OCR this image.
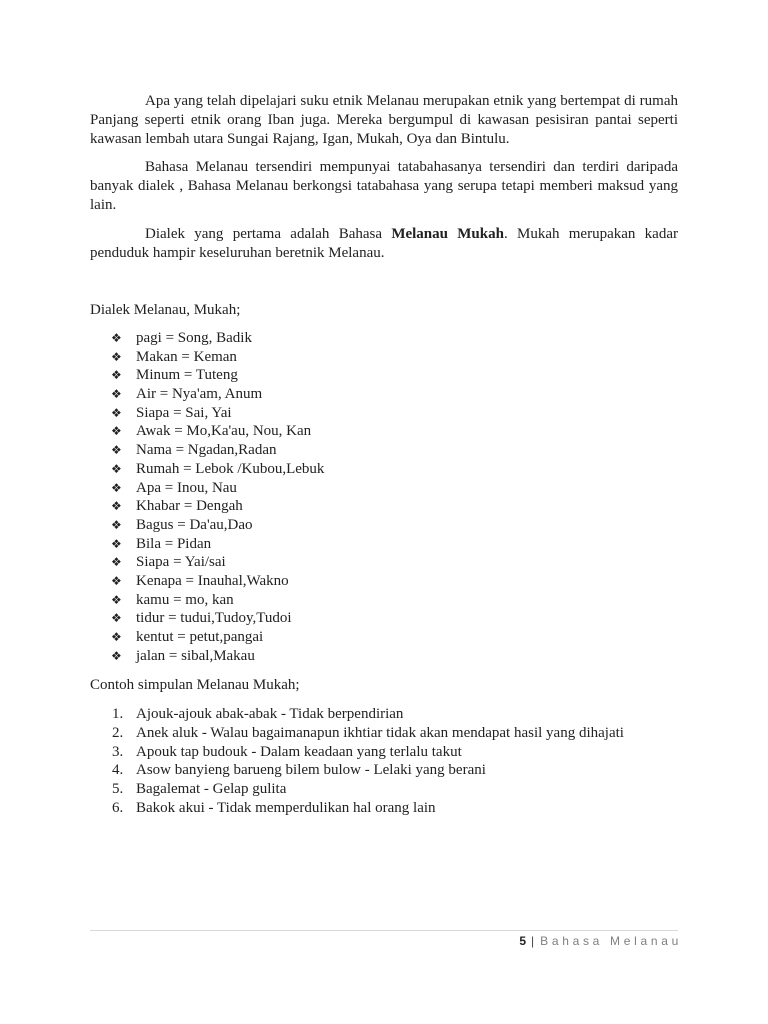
Apa yang telah dipelajari suku etnik Melanau merupakan etnik yang bertempat di rumah
Panjang seperti etnik orang Iban juga. Mereka bergumpul di kawasan pesisiran pantai seperti
kawasan lembah utara Sungai Rajang, Igan, Mukah, Oya dan Bintulu.
Bahasa Melanau tersendiri mempunyai tatabahasanya tersendiri dan terdiri daripada
banyak dialek , Bahasa Melanau berkongsi tatabahasa yang serupa tetapi memberi maksud yang
lain.
Dialek yang pertama adalah Bahasa Melanau Mukah. Mukah merupakan kadar
penduduk hampir keseluruhan beretnik Melanau.
Dialek Melanau, Mukah;
❖
pagi = Song, Badik
❖
Makan = Keman
❖
Minum = Tuteng
❖
Air = Nya'am, Anum
❖
Siapa = Sai, Yai
❖
Awak = Mo,Ka'au, Nou, Kan
❖
Nama = Ngadan,Radan
❖
Rumah = Lebok /Kubou,Lebuk
❖
Apa = Inou, Nau
❖
Khabar = Dengah
❖
Bagus = Da'au,Dao
❖
Bila = Pidan
❖
Siapa = Yai/sai
❖
Kenapa = Inauhal,Wakno
❖
kamu = mo, kan
❖
tidur = tudui,Tudoy,Tudoi
❖
kentut = petut,pangai
❖
jalan = sibal,Makau
Contoh simpulan Melanau Mukah;
1. Ajouk-ajouk abak-abak - Tidak berpendirian
2. Anek aluk - Walau bagaimanapun ikhtiar tidak akan mendapat hasil yang dihajati
3. Apouk tap budouk - Dalam keadaan yang terlalu takut
4. Asow banyieng barueng bilem bulow - Lelaki yang berani
5. Bagalemat - Gelap gulita
6. Bakok akui - Tidak memperdulikan hal orang lain
5 | Bahasa Melanau
